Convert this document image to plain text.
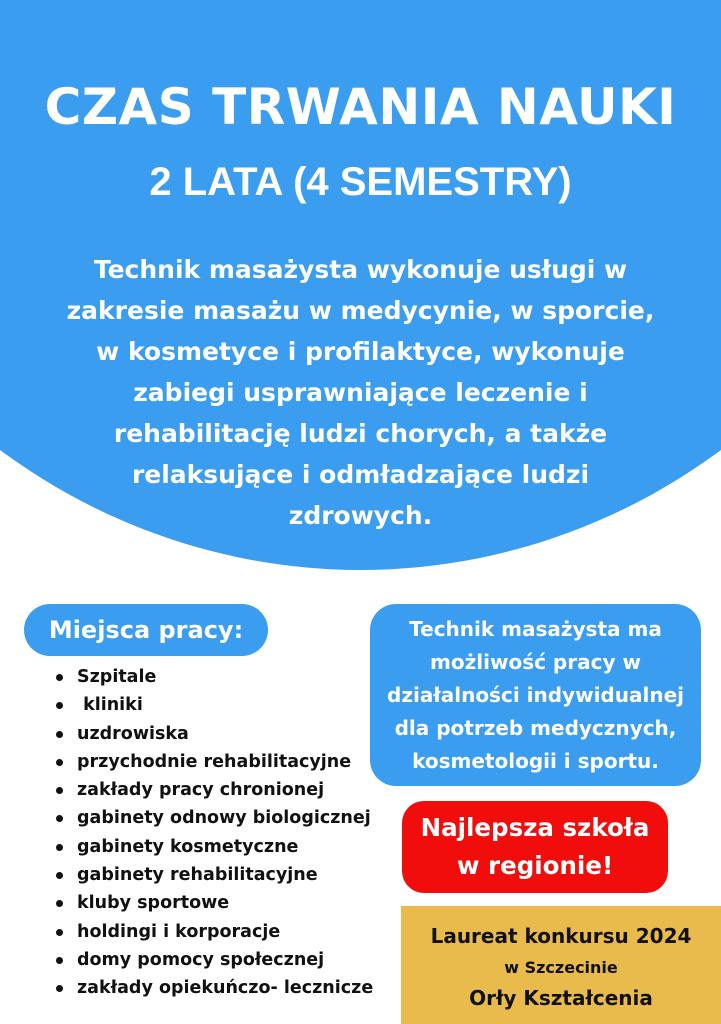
CZAS TRWANIA NAUKI
2 LATA (4 SEMESTRY)
Technik masażysta wykonuje usługi w
zakresie masażu w medycynie, w sporcie,
w kosmetyce i profilaktyce, wykonuje
zabiegi usprawniające leczenie i
rehabilitację ludzi chorych, a także
relaksujące i odmładzające ludzi
zdrowych.
Miejsca pracy:
Szpitale
kliniki
uzdrowiska
przychodnie rehabilitacyjne
zakłady pracy chronionej
gabinety odnowy biologicznej
gabinety kosmetyczne
gabinety rehabilitacyjne
kluby sportowe
holdingi i korporacje
domy pomocy społecznej
zakłady opiekuńczo- lecznicze
Technik masażysta ma
możliwość pracy w
działalności indywidualnej
dla potrzeb medycznych,
kosmetologii i sportu.
Najlepsza szkoła
w regionie!
Laureat konkursu 2024
w Szczecinie
Orły Kształcenia
